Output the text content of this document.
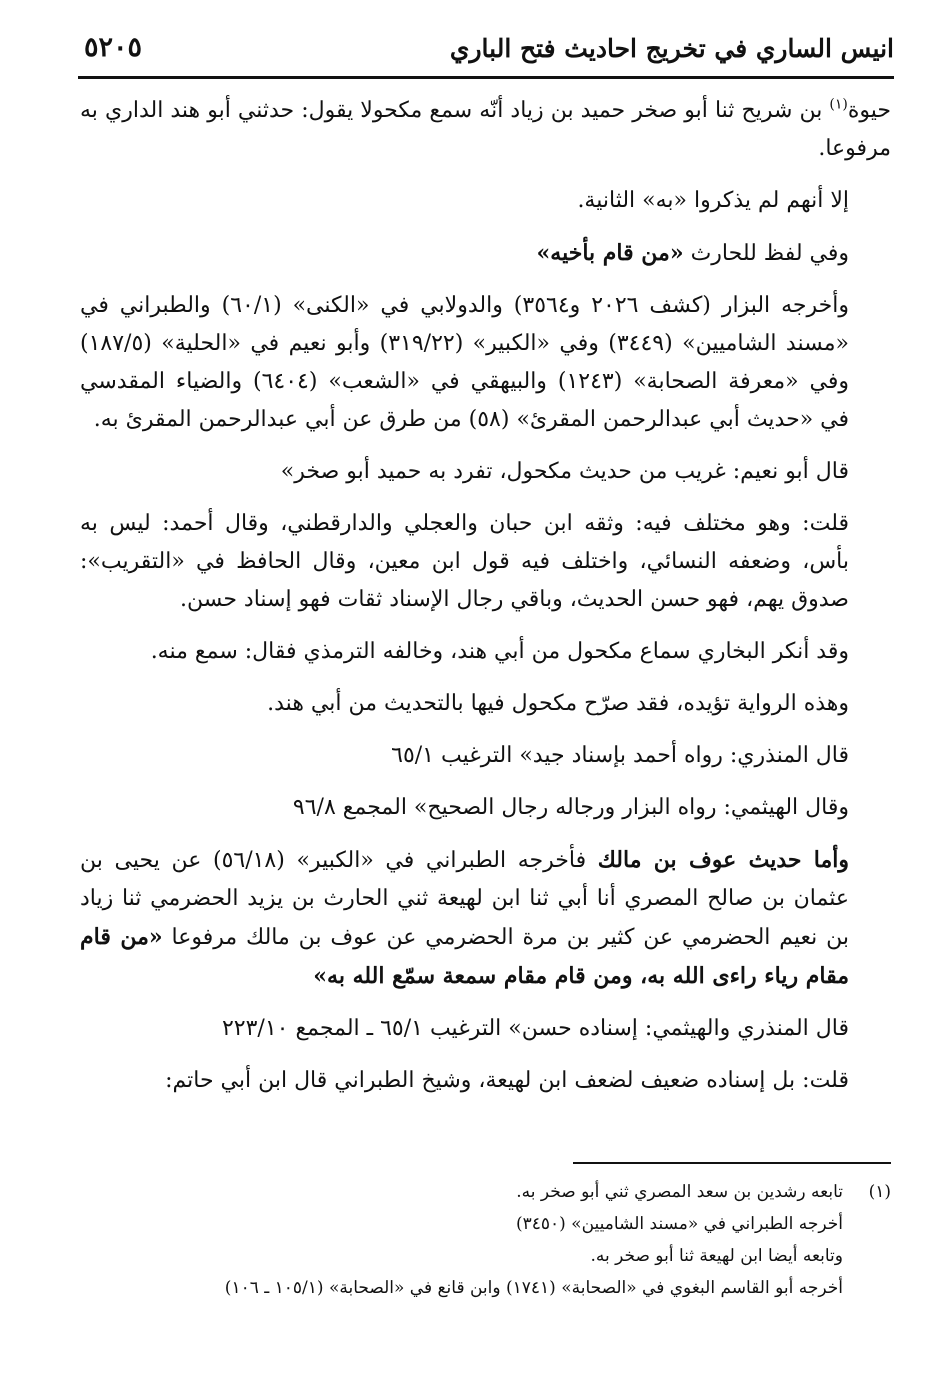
انيس الساري في تخريج احاديث فتح الباري
٥٢٠٥

حيوة$^{(١)}$ بن شريح ثنا أبو صخر حميد بن زياد أنّه سمع مكحولا يقول: حدثني أبو هند الداري به مرفوعا.

إلا أنهم لم يذكروا «به» الثانية.

وفي لفظ للحارث «من قام بأخيه»

وأخرجه البزار (كشف ٢٠٢٦ و٣٥٦٤) والدولابي في «الكنى» (٦٠/١) والطبراني في «مسند الشاميين» (٣٤٤٩) وفي «الكبير» (٣١٩/٢٢) وأبو نعيم في «الحلية» (١٨٧/٥) وفي «معرفة الصحابة» (١٢٤٣) والبيهقي في «الشعب» (٦٤٠٤) والضياء المقدسي في «حديث أبي عبدالرحمن المقرئ» (٥٨) من طرق عن أبي عبدالرحمن المقرئ به.

قال أبو نعيم: غريب من حديث مكحول، تفرد به حميد أبو صخر»

قلت: وهو مختلف فيه: وثقه ابن حبان والعجلي والدارقطني، وقال أحمد: ليس به بأس، وضعفه النسائي، واختلف فيه قول ابن معين، وقال الحافظ في «التقريب»: صدوق يهم، فهو حسن الحديث، وباقي رجال الإسناد ثقات فهو إسناد حسن.

وقد أنكر البخاري سماع مكحول من أبي هند، وخالفه الترمذي فقال: سمع منه.

وهذه الرواية تؤيده، فقد صرّح مكحول فيها بالتحديث من أبي هند.

قال المنذري: رواه أحمد بإسناد جيد» الترغيب ٦٥/١

وقال الهيثمي: رواه البزار ورجاله رجال الصحيح» المجمع ٩٦/٨

وأما حديث عوف بن مالك فأخرجه الطبراني في «الكبير» (٥٦/١٨) عن يحيى بن عثمان بن صالح المصري أنا أبي ثنا ابن لهيعة ثني الحارث بن يزيد الحضرمي ثنا زياد بن نعيم الحضرمي عن كثير بن مرة الحضرمي عن عوف بن مالك مرفوعا «من قام مقام رياء راءى الله به، ومن قام مقام سمعة سمّع الله به»

قال المنذري والهيثمي: إسناده حسن» الترغيب ٦٥/١ ـ المجمع ٢٢٣/١٠

قلت: بل إسناده ضعيف لضعف ابن لهيعة، وشيخ الطبراني قال ابن أبي حاتم:

(١)
تابعه رشدين بن سعد المصري ثني أبو صخر به.
أخرجه الطبراني في «مسند الشاميين» (٣٤٥٠)
وتابعه أيضا ابن لهيعة ثنا أبو صخر به.
أخرجه أبو القاسم البغوي في «الصحابة» (١٧٤١) وابن قانع في «الصحابة» (١٠٥/١ ـ ١٠٦)
